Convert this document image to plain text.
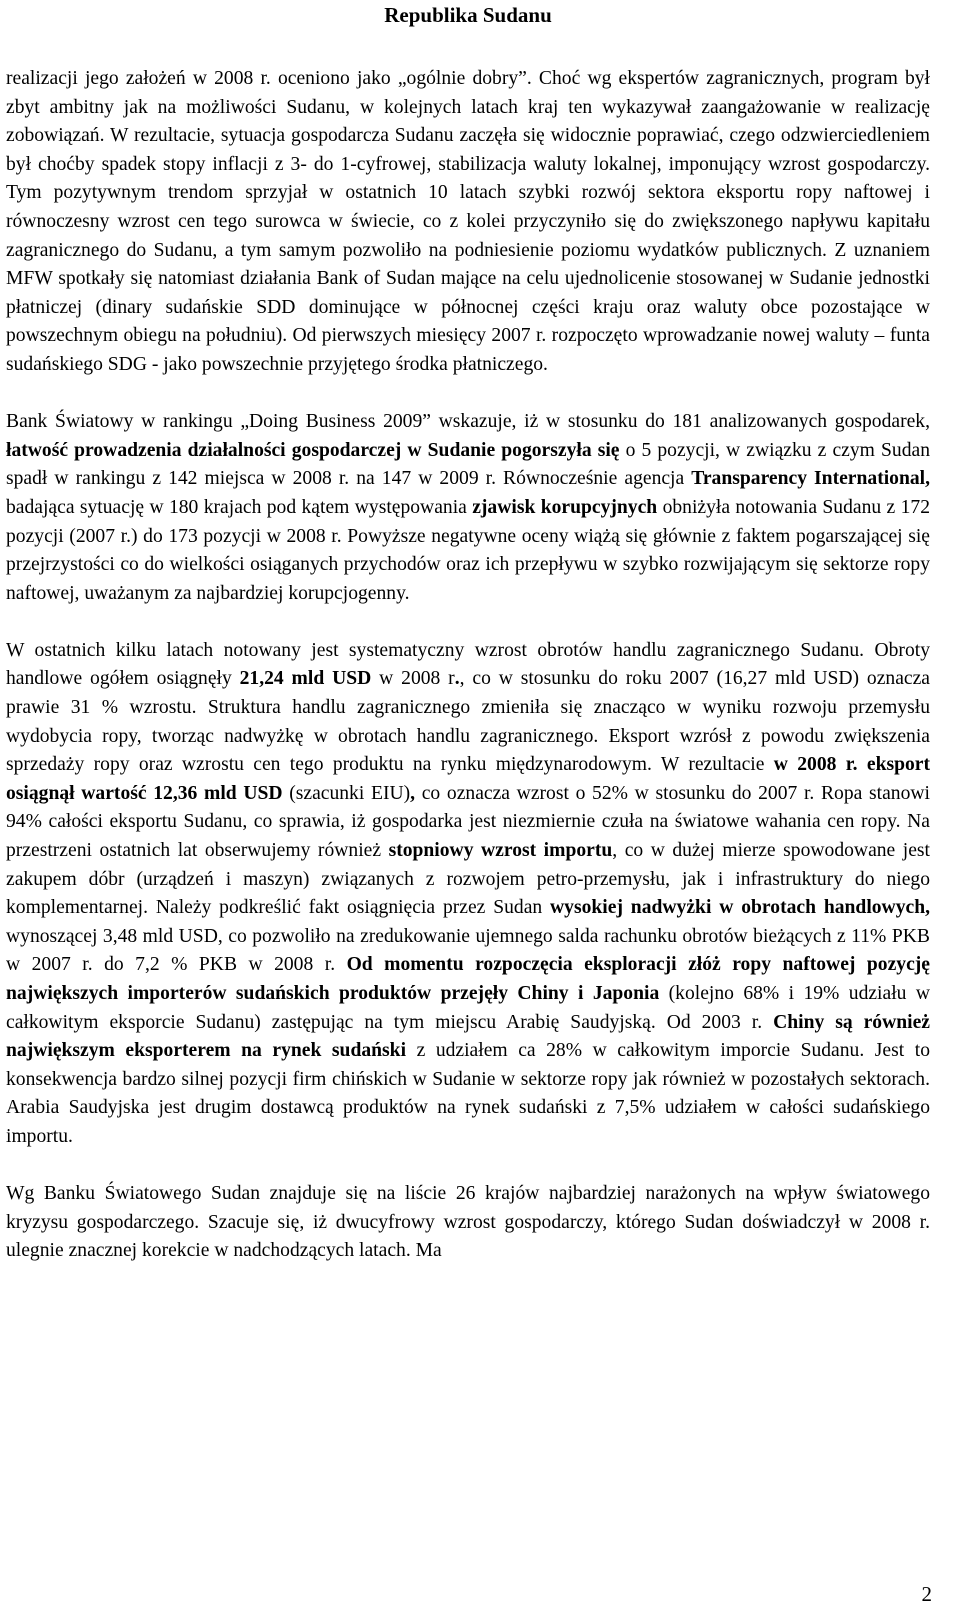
Republika Sudanu

realizacji jego założeń w 2008 r. oceniono jako „ogólnie dobry”. Choć wg ekspertów zagranicznych, program był zbyt ambitny jak na możliwości Sudanu, w kolejnych latach kraj ten wykazywał zaangażowanie w realizację zobowiązań. W rezultacie, sytuacja gospodarcza Sudanu zaczęła się widocznie poprawiać, czego odzwierciedleniem był choćby spadek stopy inflacji z 3- do 1-cyfrowej, stabilizacja waluty lokalnej, imponujący wzrost gospodarczy. Tym pozytywnym trendom sprzyjał w ostatnich 10 latach szybki rozwój sektora eksportu ropy naftowej i równoczesny wzrost cen tego surowca w świecie, co z kolei przyczyniło się do zwiększonego napływu kapitału zagranicznego do Sudanu, a tym samym pozwoliło na podniesienie poziomu wydatków publicznych. Z uznaniem MFW spotkały się natomiast działania Bank of Sudan mające na celu ujednolicenie stosowanej w Sudanie jednostki płatniczej (dinary sudańskie SDD dominujące w północnej części kraju oraz waluty obce pozostające w powszechnym obiegu na południu). Od pierwszych miesięcy 2007 r. rozpoczęto wprowadzanie nowej waluty – funta sudańskiego SDG - jako powszechnie przyjętego środka płatniczego.

Bank Światowy w rankingu „Doing Business 2009” wskazuje, iż w stosunku do 181 analizowanych gospodarek, łatwość prowadzenia działalności gospodarczej w Sudanie pogorszyła się o 5 pozycji, w związku z czym Sudan spadł w rankingu z 142 miejsca w 2008 r. na 147 w 2009 r. Równocześnie agencja Transparency International, badająca sytuację w 180 krajach pod kątem występowania zjawisk korupcyjnych obniżyła notowania Sudanu z 172 pozycji (2007 r.) do 173 pozycji w 2008 r. Powyższe negatywne oceny wiążą się głównie z faktem pogarszającej się przejrzystości co do wielkości osiąganych przychodów oraz ich przepływu w szybko rozwijającym się sektorze ropy naftowej, uważanym za najbardziej korupcjogenny.

W ostatnich kilku latach notowany jest systematyczny wzrost obrotów handlu zagranicznego Sudanu. Obroty handlowe ogółem osiągnęły 21,24 mld USD w 2008 r., co w stosunku do roku 2007 (16,27 mld USD) oznacza prawie 31 % wzrostu. Struktura handlu zagranicznego zmieniła się znacząco w wyniku rozwoju przemysłu wydobycia ropy, tworząc nadwyżkę w obrotach handlu zagranicznego. Eksport wzrósł z powodu zwiększenia sprzedaży ropy oraz wzrostu cen tego produktu na rynku międzynarodowym. W rezultacie w 2008 r. eksport osiągnął wartość 12,36 mld USD (szacunki EIU), co oznacza wzrost o 52% w stosunku do 2007 r. Ropa stanowi 94% całości eksportu Sudanu, co sprawia, iż gospodarka jest niezmiernie czuła na światowe wahania cen ropy. Na przestrzeni ostatnich lat obserwujemy również stopniowy wzrost importu, co w dużej mierze spowodowane jest zakupem dóbr (urządzeń i maszyn) związanych z rozwojem petro-przemysłu, jak i infrastruktury do niego komplementarnej. Należy podkreślić fakt osiągnięcia przez Sudan wysokiej nadwyżki w obrotach handlowych, wynoszącej 3,48 mld USD, co pozwoliło na zredukowanie ujemnego salda rachunku obrotów bieżących z 11% PKB w 2007 r. do 7,2 % PKB w 2008 r. Od momentu rozpoczęcia eksploracji złóż ropy naftowej pozycję największych importerów sudańskich produktów przejęły Chiny i Japonia (kolejno 68% i 19% udziału w całkowitym eksporcie Sudanu) zastępując na tym miejscu Arabię Saudyjską. Od 2003 r. Chiny są również największym eksporterem na rynek sudański z udziałem ca 28% w całkowitym imporcie Sudanu. Jest to konsekwencja bardzo silnej pozycji firm chińskich w Sudanie w sektorze ropy jak również w pozostałych sektorach. Arabia Saudyjska jest drugim dostawcą produktów na rynek sudański z 7,5% udziałem w całości sudańskiego importu.

Wg Banku Światowego Sudan znajduje się na liście 26 krajów najbardziej narażonych na wpływ światowego kryzysu gospodarczego. Szacuje się, iż dwucyfrowy wzrost gospodarczy, którego Sudan doświadczył w 2008 r. ulegnie znacznej korekcie w nadchodzących latach. Ma

2
